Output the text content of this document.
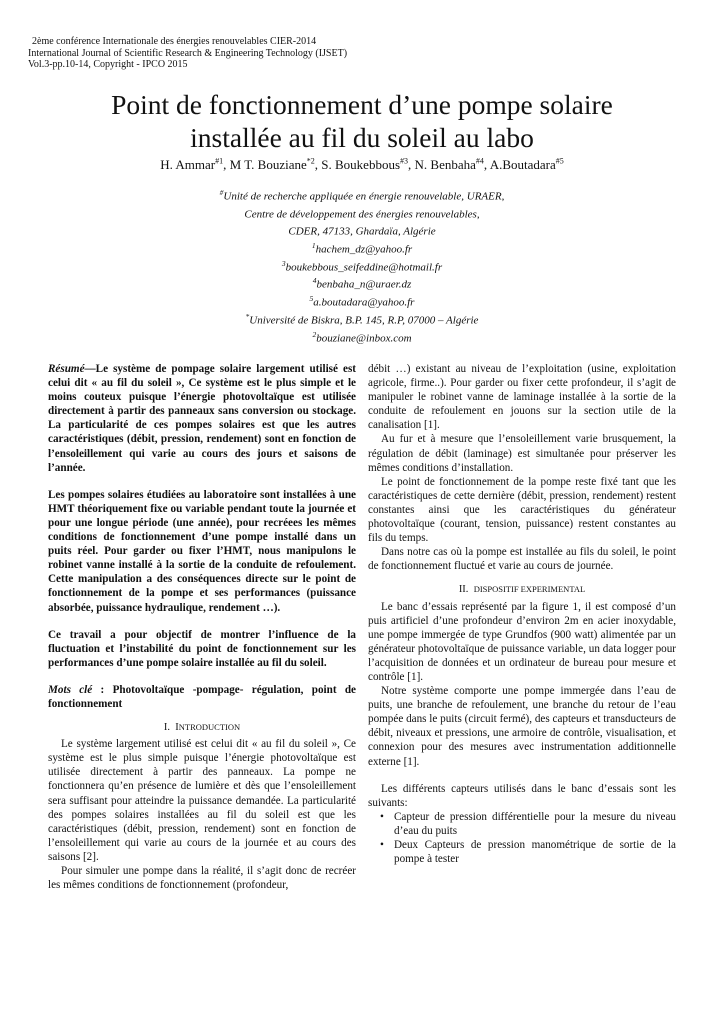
2ème conférence Internationale des énergies renouvelables CIER-2014
International Journal of Scientific Research & Engineering Technology (IJSET)
Vol.3-pp.10-14, Copyright - IPCO 2015
Point de fonctionnement d’une pompe solaire
installée au fil du soleil au labo
H. Ammar$^{\#1}$, M T. Bouziane$^{*2}$, S. Boukebbous$^{\#3}$, N. Benbaha$^{\#4}$, A.Boutadara$^{\#5}$
#Unité de recherche appliquée en énergie renouvelable, URAER,
Centre de développement des énergies renouvelables,
CDER, 47133, Ghardaïa, Algérie
$^1$hachem_dz@yahoo.fr
$^3$boukebbous_seifeddine@hotmail.fr
$^4$benbaha_n@uraer.dz
$^5$a.boutadara@yahoo.fr
*Université de Biskra, B.P. 145, R.P, 07000 – Algérie
$^2$bouziane@inbox.com

Résumé—Le système de pompage solaire largement utilisé est celui dit « au fil du soleil », Ce système est le plus simple et le moins couteux puisque l’énergie photovoltaïque est utilisée directement à partir des panneaux sans conversion ou stockage. La particularité de ces pompes solaires est que les autres caractéristiques (débit, pression, rendement) sont en fonction de l’ensoleillement qui varie au cours des jours et saisons de l’année.

Les pompes solaires étudiées au laboratoire sont installées à une HMT théoriquement fixe ou variable pendant toute la journée et pour une longue période (une année), pour recréees les mêmes conditions de fonctionnement d’une pompe installé dans un puits réel. Pour garder ou fixer l’HMT, nous manipulons le robinet vanne installé à la sortie de la conduite de refoulement. Cette manipulation a des conséquences directe sur le point de fonctionnement de la pompe et ses performances (puissance absorbée, puissance hydraulique, rendement …).

Ce travail a pour objectif de montrer l’influence de la fluctuation et l’instabilité du point de fonctionnement sur les performances d’une pompe solaire installée au fil du soleil.

Mots clé : Photovoltaïque -pompage- régulation, point de fonctionnement

I. INTRODUCTION

Le système largement utilisé est celui dit « au fil du soleil », Ce système est le plus simple puisque l’énergie photovoltaïque est utilisée directement à partir des panneaux. La pompe ne fonctionnera qu’en présence de lumière et dès que l’ensoleillement sera suffisant pour atteindre la puissance demandée. La particularité des pompes solaires installées au fil du soleil est que les caractéristiques (débit, pression, rendement) sont en fonction de l’ensoleillement qui varie au cours de la journée et au cours des saisons [2].

Pour simuler une pompe dans la réalité, il s’agit donc de recréer les mêmes conditions de fonctionnement (profondeur,

débit …) existant au niveau de l’exploitation (usine, exploitation agricole, firme..). Pour garder ou fixer cette profondeur, il s’agit de manipuler le robinet vanne de laminage installée à la sortie de la conduite de refoulement en jouons sur la section utile de la canalisation [1].

Au fur et à mesure que l’ensoleillement varie brusquement, la régulation de débit (laminage) est simultanée pour préserver les mêmes conditions d’installation.

Le point de fonctionnement de la pompe reste fixé tant que les caractéristiques de cette dernière (débit, pression, rendement) restent constantes ainsi que les caractéristiques du générateur photovoltaïque (courant, tension, puissance) restent constantes au fils du temps.

Dans notre cas où la pompe est installée au fils du soleil, le point de fonctionnement fluctué et varie au cours de journée.

II. DISPOSITIF EXPERIMENTAL

Le banc d’essais représenté par la figure 1, il est composé d’un puis artificiel d’une profondeur d’environ 2m en acier inoxydable, une pompe immergée de type Grundfos (900 watt) alimentée par un générateur photovoltaïque de puissance variable, un data logger pour l’acquisition de données et un ordinateur de bureau pour mesure et contrôle [1].

Notre système comporte une pompe immergée dans l’eau de puits, une branche de refoulement, une branche du retour de l’eau pompée dans le puits (circuit fermé), des capteurs et transducteurs de débit, niveaux et pressions, une armoire de contrôle, visualisation, et connexion pour des mesures avec instrumentation additionnelle externe [1].

Les différents capteurs utilisés dans le banc d’essais sont les suivants:

• Capteur de pression différentielle pour la mesure du niveau d’eau du puits
• Deux Capteurs de pression manométrique de sortie de la pompe à tester
